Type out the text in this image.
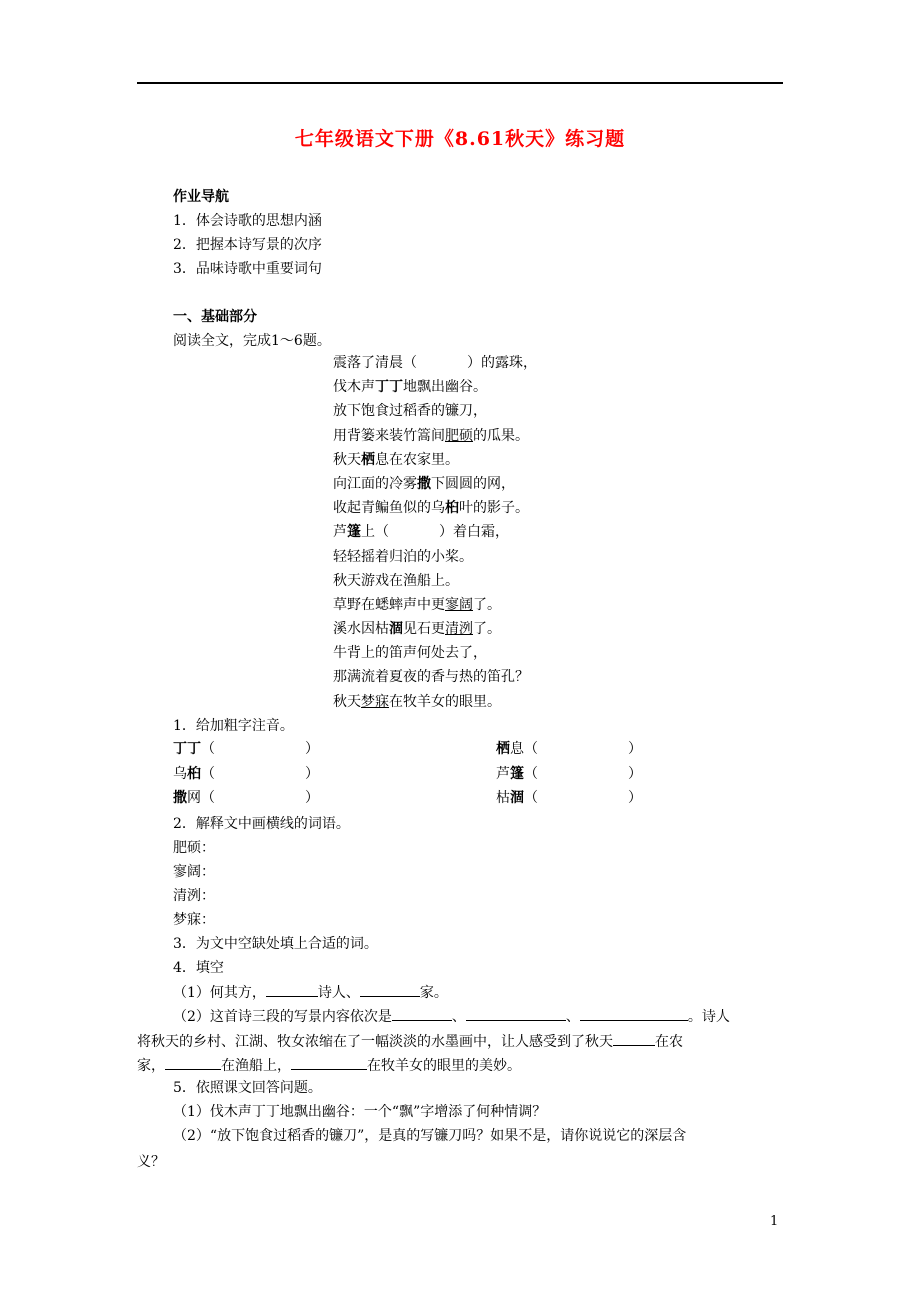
七年级语文下册《8.61秋天》练习题
作业导航
1．体会诗歌的思想内涵
2．把握本诗写景的次序
3．品味诗歌中重要词句
一、基础部分
阅读全文，完成1～6题。
震落了清晨（	）的露珠，
伐木声丁丁地飘出幽谷。
放下饱食过稻香的镰刀，
用背篓来装竹篙间肥硕的瓜果。
秋天栖息在农家里。
向江面的冷雾撒下圆圆的网，
收起青鳊鱼似的乌桕叶的影子。
芦篷上（	）着白霜，
轻轻摇着归泊的小桨。
秋天游戏在渔船上。
草野在蟋蟀声中更寥阔了。
溪水因枯涸见石更清洌了。
牛背上的笛声何处去了，
那满流着夏夜的香与热的笛孔？
秋天梦寐在牧羊女的眼里。
1．给加粗字注音。
丁丁（	）	栖息（	）
乌桕（	）	芦篷（	）
撒网（	）	枯涸（	）
2．解释文中画横线的词语。
肥硕：
寥阔：
清洌：
梦寐：
3．为文中空缺处填上合适的词。
4．填空
（1）何其方，	诗人、	家。
（2）这首诗三段的写景内容依次是	、	、	。诗人
将秋天的乡村、江湖、牧女浓缩在了一幅淡淡的水墨画中，让人感受到了秋天	在农
家，	在渔船上，	在牧羊女的眼里的美妙。
5．依照课文回答问题。
（1）伐木声丁丁地飘出幽谷：一个“飘”字增添了何种情调？
（2）“放下饱食过稻香的镰刀”，是真的写镰刀吗？如果不是，请你说说它的深层含
义？
1
